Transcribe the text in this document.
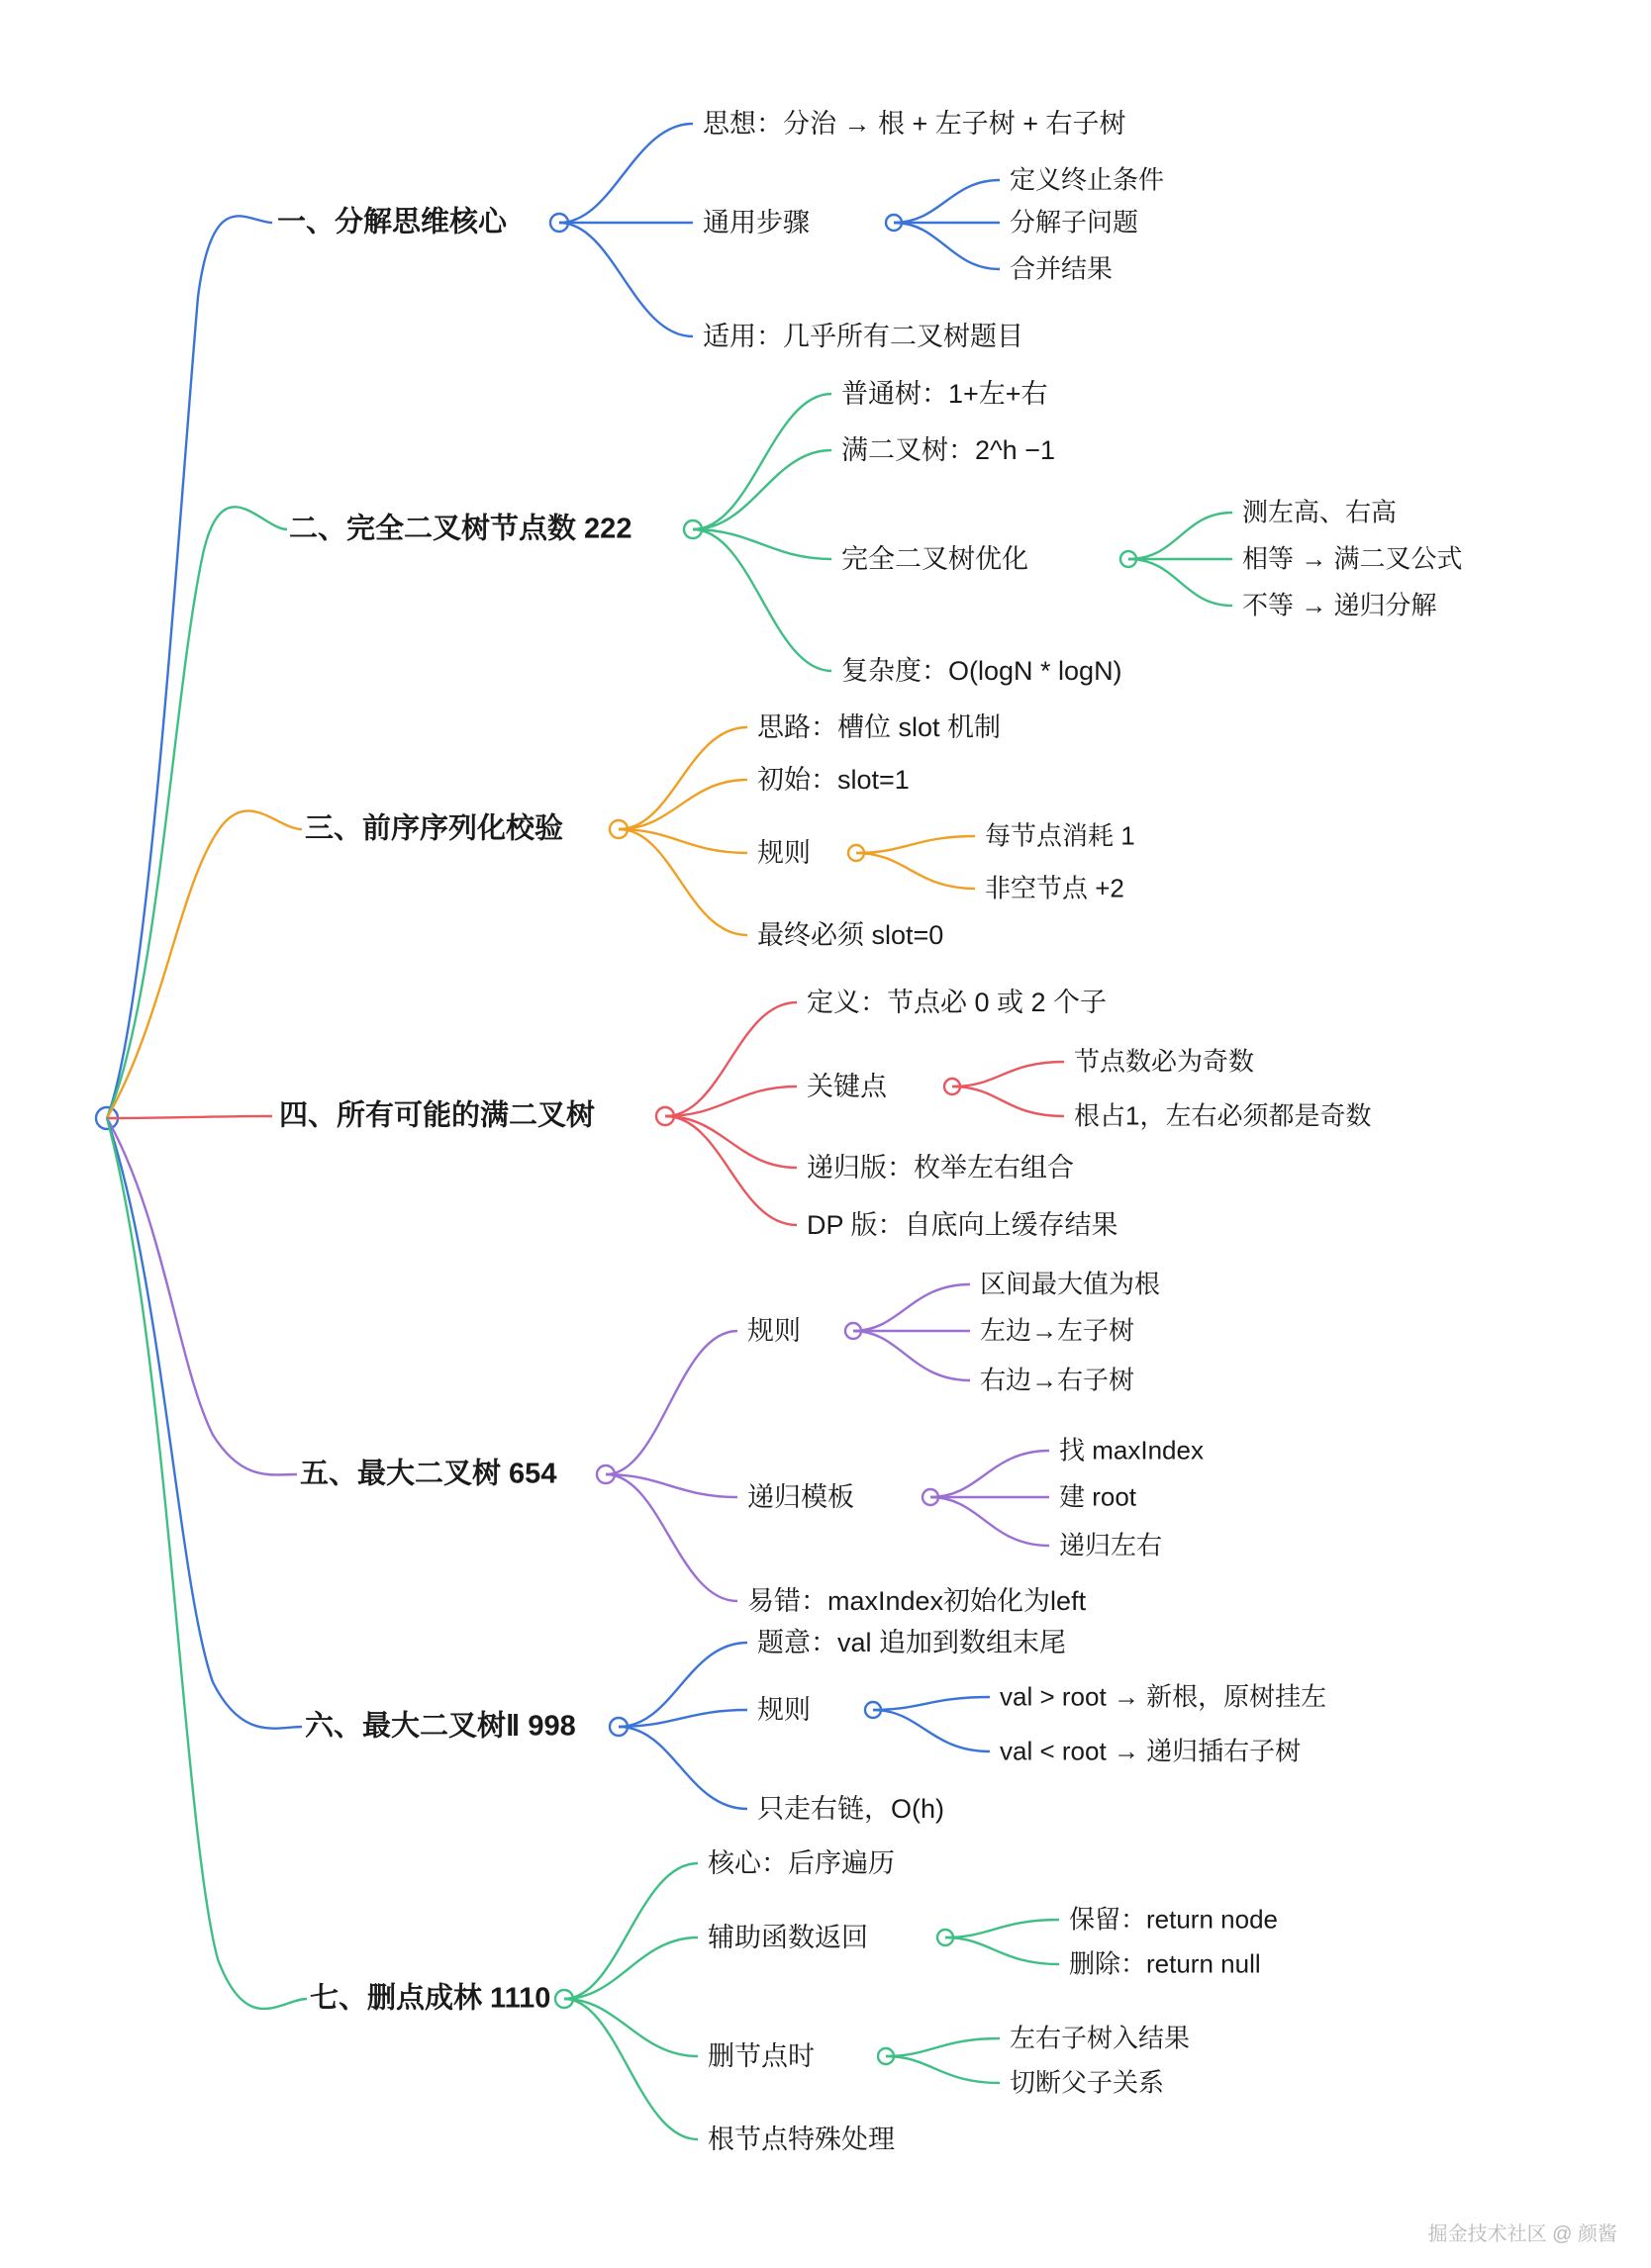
一、分解思维核心
思想：分治 → 根 + 左子树 + 右子树
通用步骤
定义终止条件
分解子问题
合并结果
适用：几乎所有二叉树题目
二、完全二叉树节点数 222
普通树：1+左+右
满二叉树：2^h −1
完全二叉树优化
测左高、右高
相等 → 满二叉公式
不等 → 递归分解
复杂度：O(logN * logN)
三、前序序列化校验
思路：槽位 slot 机制
初始：slot=1
规则
每节点消耗 1
非空节点 +2
最终必须 slot=0
四、所有可能的满二叉树
定义：节点必 0 或 2 个子
关键点
节点数必为奇数
根占1，左右必须都是奇数
递归版：枚举左右组合
DP 版：自底向上缓存结果
五、最大二叉树 654
规则
区间最大值为根
左边→左子树
右边→右子树
递归模板
找 maxIndex
建 root
递归左右
易错：maxIndex初始化为left
六、最大二叉树Ⅱ 998
题意：val 追加到数组末尾
规则	val > root → 新根，原树挂左
val < root → 递归插右子树
只走右链，O(h)
七、删点成林 1110
核心：后序遍历
辅助函数返回
保留：return node
删除：return null
删节点时
左右子树入结果
切断父子关系
根节点特殊处理
掘金技术社区 @ 颜酱
